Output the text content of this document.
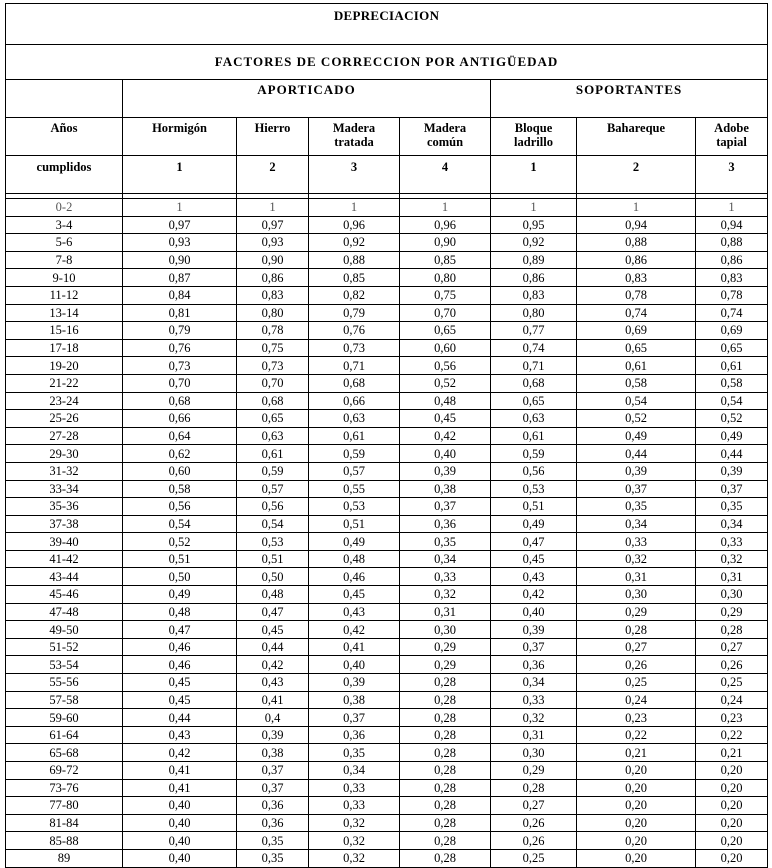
DEPRECIACION							
FACTORES DE CORRECCION POR ANTIGÜEDAD							
	APORTICADO				SOPORTANTES		
Años	Hormigón	Hierro	Madera tratada	Madera común	Bloque ladrillo	Bahareque	Adobe tapial
cumplidos	1	2	3	4	1	2	3

0-2	1	1	1	1	1	1	1
3-4	0,97	0,97	0,96	0,96	0,95	0,94	0,94
5-6	0,93	0,93	0,92	0,90	0,92	0,88	0,88
7-8	0,90	0,90	0,88	0,85	0,89	0,86	0,86
9-10	0,87	0,86	0,85	0,80	0,86	0,83	0,83
11-12	0,84	0,83	0,82	0,75	0,83	0,78	0,78
13-14	0,81	0,80	0,79	0,70	0,80	0,74	0,74
15-16	0,79	0,78	0,76	0,65	0,77	0,69	0,69
17-18	0,76	0,75	0,73	0,60	0,74	0,65	0,65
19-20	0,73	0,73	0,71	0,56	0,71	0,61	0,61
21-22	0,70	0,70	0,68	0,52	0,68	0,58	0,58
23-24	0,68	0,68	0,66	0,48	0,65	0,54	0,54
25-26	0,66	0,65	0,63	0,45	0,63	0,52	0,52
27-28	0,64	0,63	0,61	0,42	0,61	0,49	0,49
29-30	0,62	0,61	0,59	0,40	0,59	0,44	0,44
31-32	0,60	0,59	0,57	0,39	0,56	0,39	0,39
33-34	0,58	0,57	0,55	0,38	0,53	0,37	0,37
35-36	0,56	0,56	0,53	0,37	0,51	0,35	0,35
37-38	0,54	0,54	0,51	0,36	0,49	0,34	0,34
39-40	0,52	0,53	0,49	0,35	0,47	0,33	0,33
41-42	0,51	0,51	0,48	0,34	0,45	0,32	0,32
43-44	0,50	0,50	0,46	0,33	0,43	0,31	0,31
45-46	0,49	0,48	0,45	0,32	0,42	0,30	0,30
47-48	0,48	0,47	0,43	0,31	0,40	0,29	0,29
49-50	0,47	0,45	0,42	0,30	0,39	0,28	0,28
51-52	0,46	0,44	0,41	0,29	0,37	0,27	0,27
53-54	0,46	0,42	0,40	0,29	0,36	0,26	0,26
55-56	0,45	0,43	0,39	0,28	0,34	0,25	0,25
57-58	0,45	0,41	0,38	0,28	0,33	0,24	0,24
59-60	0,44	0,4	0,37	0,28	0,32	0,23	0,23
61-64	0,43	0,39	0,36	0,28	0,31	0,22	0,22
65-68	0,42	0,38	0,35	0,28	0,30	0,21	0,21
69-72	0,41	0,37	0,34	0,28	0,29	0,20	0,20
73-76	0,41	0,37	0,33	0,28	0,28	0,20	0,20
77-80	0,40	0,36	0,33	0,28	0,27	0,20	0,20
81-84	0,40	0,36	0,32	0,28	0,26	0,20	0,20
85-88	0,40	0,35	0,32	0,28	0,26	0,20	0,20
89	0,40	0,35	0,32	0,28	0,25	0,20	0,20
